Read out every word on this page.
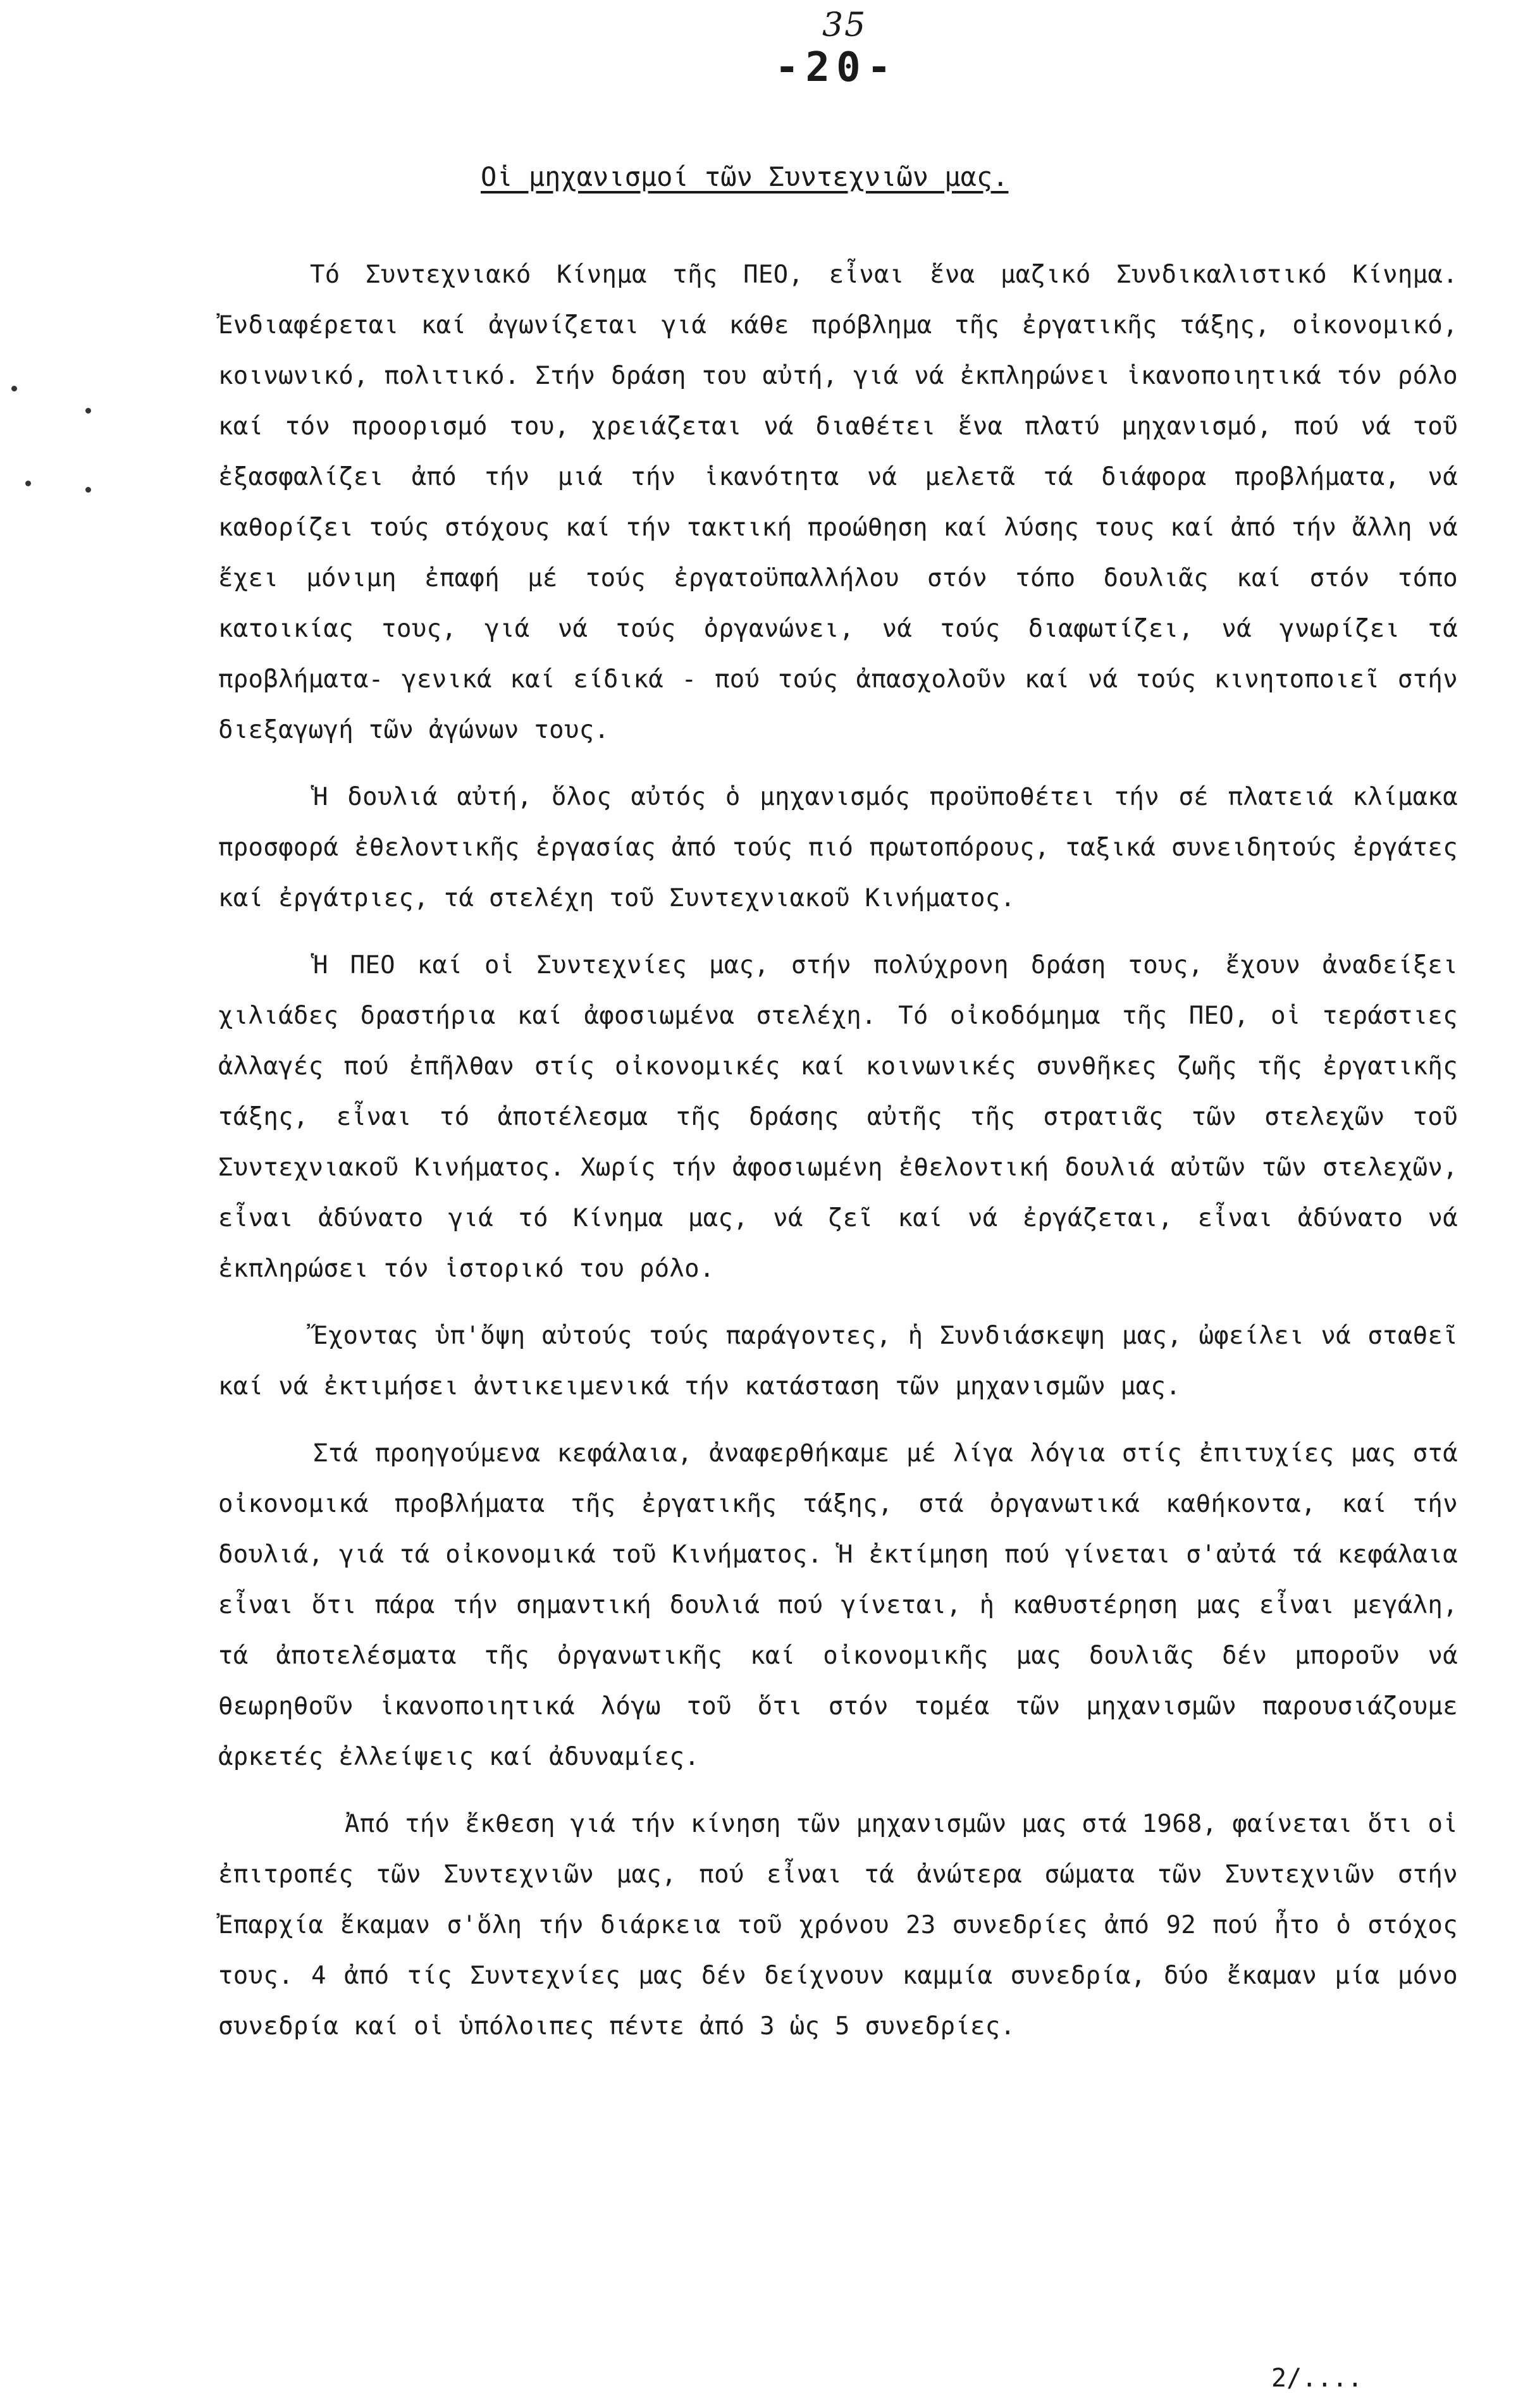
35
-20-
Οἱ μηχανισμοί τῶν Συντεχνιῶν μας.

Τό Συντεχνιακό Κίνημα τῆς ΠΕΟ, εἶναι ἕνα μαζικό Συνδικαλιστικό Κίνημα. Ἐνδιαφέρεται καί ἀγωνίζεται γιά κάθε πρόβλημα τῆς ἐργατικῆς τάξης, οἰκονομικό, κοινωνικό, πολιτικό. Στήν δράση του αὐτή, γιά νά ἐκπληρώνει ἱκανοποιητικά τόν ρόλο καί τόν προορισμό του, χρειάζεται νά διαθέτει ἕνα πλατύ μηχανισμό, πού νά τοῦ ἐξασφαλίζει ἀπό τήν μιά τήν ἱκανότητα νά μελετᾶ τά διάφορα προβλήματα, νά καθορίζει τούς στόχους καί τήν τακτική προώθηση καί λύσης τους καί ἀπό τήν ἄλλη νά ἔχει μόνιμη ἐπαφή μέ τούς ἐργατοϋπαλλήλου στόν τόπο δουλιᾶς καί στόν τόπο κατοικίας τους, γιά νά τούς ὀργανώνει, νά τούς διαφωτίζει, νά γνωρίζει τά προβλήματα- γενικά καί είδικά - πού τούς ἀπασχολοῦν καί νά τούς κινητοποιεῖ στήν διεξαγωγή τῶν ἀγώνων τους.

Ἡ δουλιά αὐτή, ὅλος αὐτός ὁ μηχανισμός προϋποθέτει τήν σέ πλατειά κλίμακα προσφορά ἐθελοντικῆς ἐργασίας ἀπό τούς πιό πρωτοπόρους, ταξικά συνειδητούς ἐργάτες καί ἐργάτριες, τά στελέχη τοῦ Συντεχνιακοῦ Κινήματος.

Ἡ ΠΕΟ καί οἱ Συντεχνίες μας, στήν πολύχρονη δράση τους, ἔχουν ἀναδείξει χιλιάδες δραστήρια καί ἀφοσιωμένα στελέχη. Τό οἰκοδόμημα τῆς ΠΕΟ, οἱ τεράστιες ἀλλαγές πού ἐπῆλθαν στίς οἰκονομικές καί κοινωνικές συνθῆκες ζωῆς τῆς ἐργατικῆς τάξης, εἶναι τό ἀποτέλεσμα τῆς δράσης αὐτῆς τῆς στρατιᾶς τῶν στελεχῶν τοῦ Συντεχνιακοῦ Κινήματος. Χωρίς τήν ἀφοσιωμένη ἐθελοντική δουλιά αὐτῶν τῶν στελεχῶν, εἶναι ἀδύνατο γιά τό Κίνημα μας, νά ζεῖ καί νά ἐργάζεται, εἶναι ἀδύνατο νά ἐκπληρώσει τόν ἱστορικό του ρόλο.

Ἔχοντας ὑπ'ὄψη αὐτούς τούς παράγοντες, ἡ Συνδιάσκεψη μας, ὠφείλει νά σταθεῖ καί νά ἐκτιμήσει ἀντικειμενικά τήν κατάσταση τῶν μηχανισμῶν μας.

Στά προηγούμενα κεφάλαια, ἀναφερθήκαμε μέ λίγα λόγια στίς ἐπιτυχίες μας στά οἰκονομικά προβλήματα τῆς ἐργατικῆς τάξης, στά ὀργανωτικά καθήκοντα, καί τήν δουλιά, γιά τά οἰκονομικά τοῦ Κινήματος. Ἡ ἐκτίμηση πού γίνεται σ'αὐτά τά κεφάλαια εἶναι ὅτι πάρα τήν σημαντική δουλιά πού γίνεται, ἡ καθυστέρηση μας εἶναι μεγάλη, τά ἀποτελέσματα τῆς ὀργανωτικῆς καί οἰκονομικῆς μας δουλιᾶς δέν μποροῦν νά θεωρηθοῦν ἱκανοποιητικά λόγω τοῦ ὅτι στόν τομέα τῶν μηχανισμῶν παρουσιάζουμε ἀρκετές ἐλλείψεις καί ἀδυναμίες.

Ἀπό τήν ἔκθεση γιά τήν κίνηση τῶν μηχανισμῶν μας στά 1968, φαίνεται ὅτι οἱ ἐπιτροπές τῶν Συντεχνιῶν μας, πού εἶναι τά ἀνώτερα σώματα τῶν Συντεχνιῶν στήν Ἐπαρχία ἔκαμαν σ'ὅλη τήν διάρκεια τοῦ χρόνου 23 συνεδρίες ἀπό 92 πού ἦτο ὁ στόχος τους. 4 ἀπό τίς Συντεχνίες μας δέν δείχνουν καμμία συνεδρία, δύο ἔκαμαν μία μόνο συνεδρία καί οἱ ὑπόλοιπες πέντε ἀπό 3 ὡς 5 συνεδρίες.

2/....
